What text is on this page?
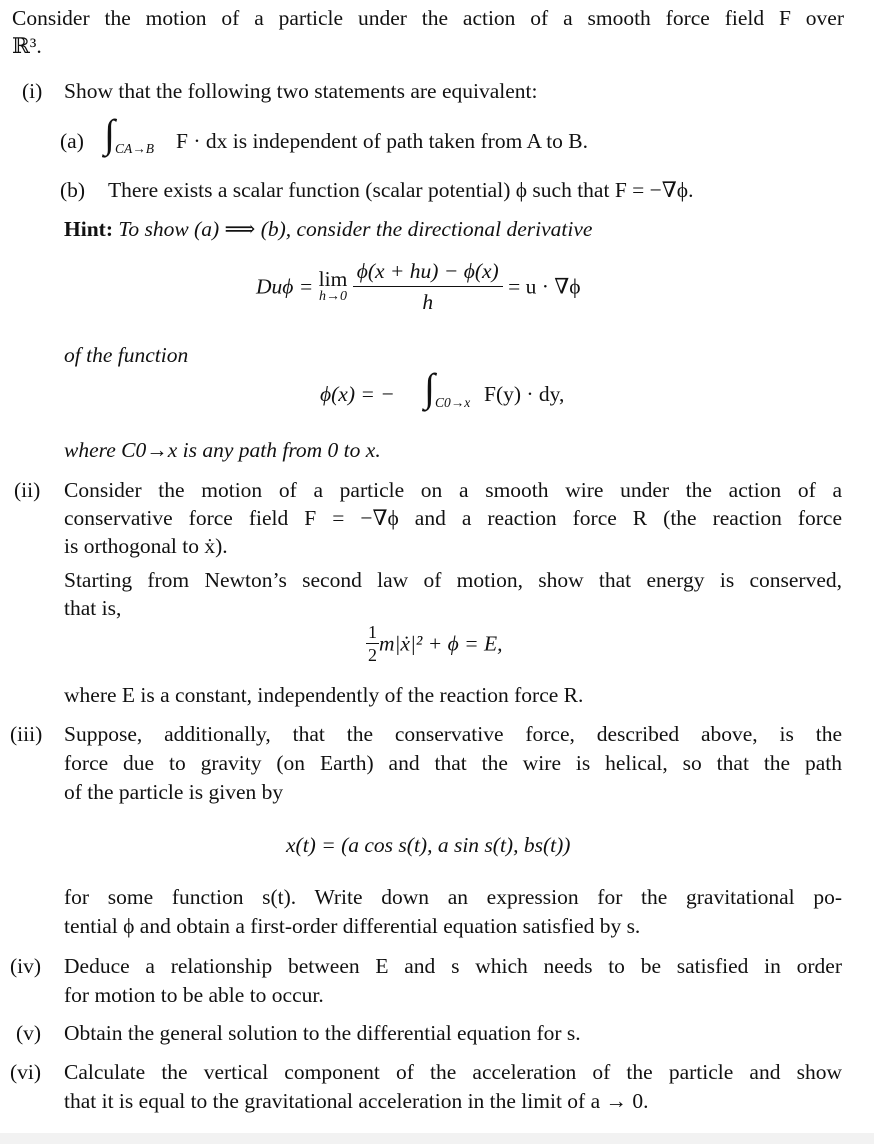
Consider the motion of a particle under the action of a smooth force field F over
ℝ³.
(i) Show that the following two statements are equivalent:
(a) $\int_{CA\to B}$ F · dx is independent of path taken from A to B.
(b) There exists a scalar function (scalar potential) ϕ such that F = −∇ϕ.
Hint: To show (a) ⟹ (b), consider the directional derivative
Duϕ = lim
h→0
$\frac{\phi(x + hu) - \phi(x)}{h} = u \cdot \nabla\phi$
of the function
ϕ(x) = − $\int_{C0\to x}$ F(y) · dy,
where C0→x is any path from 0 to x.
(ii) Consider the motion of a particle on a smooth wire under the action of a
conservative force field F = −∇ϕ and a reaction force R (the reaction force
is orthogonal to ẋ).
Starting from Newton’s second law of motion, show that energy is conserved,
that is,
$\frac{1}{2}$ m|ẋ|² + ϕ = E,
where E is a constant, independently of the reaction force R.
(iii) Suppose, additionally, that the conservative force, described above, is the
force due to gravity (on Earth) and that the wire is helical, so that the path
of the particle is given by
x(t) = (a cos s(t), a sin s(t), bs(t))
for some function s(t). Write down an expression for the gravitational po-
tential ϕ and obtain a first-order differential equation satisfied by s.
(iv) Deduce a relationship between E and s which needs to be satisfied in order
for motion to be able to occur.
(v) Obtain the general solution to the differential equation for s.
(vi) Calculate the vertical component of the acceleration of the particle and show
that it is equal to the gravitational acceleration in the limit of a → 0.
